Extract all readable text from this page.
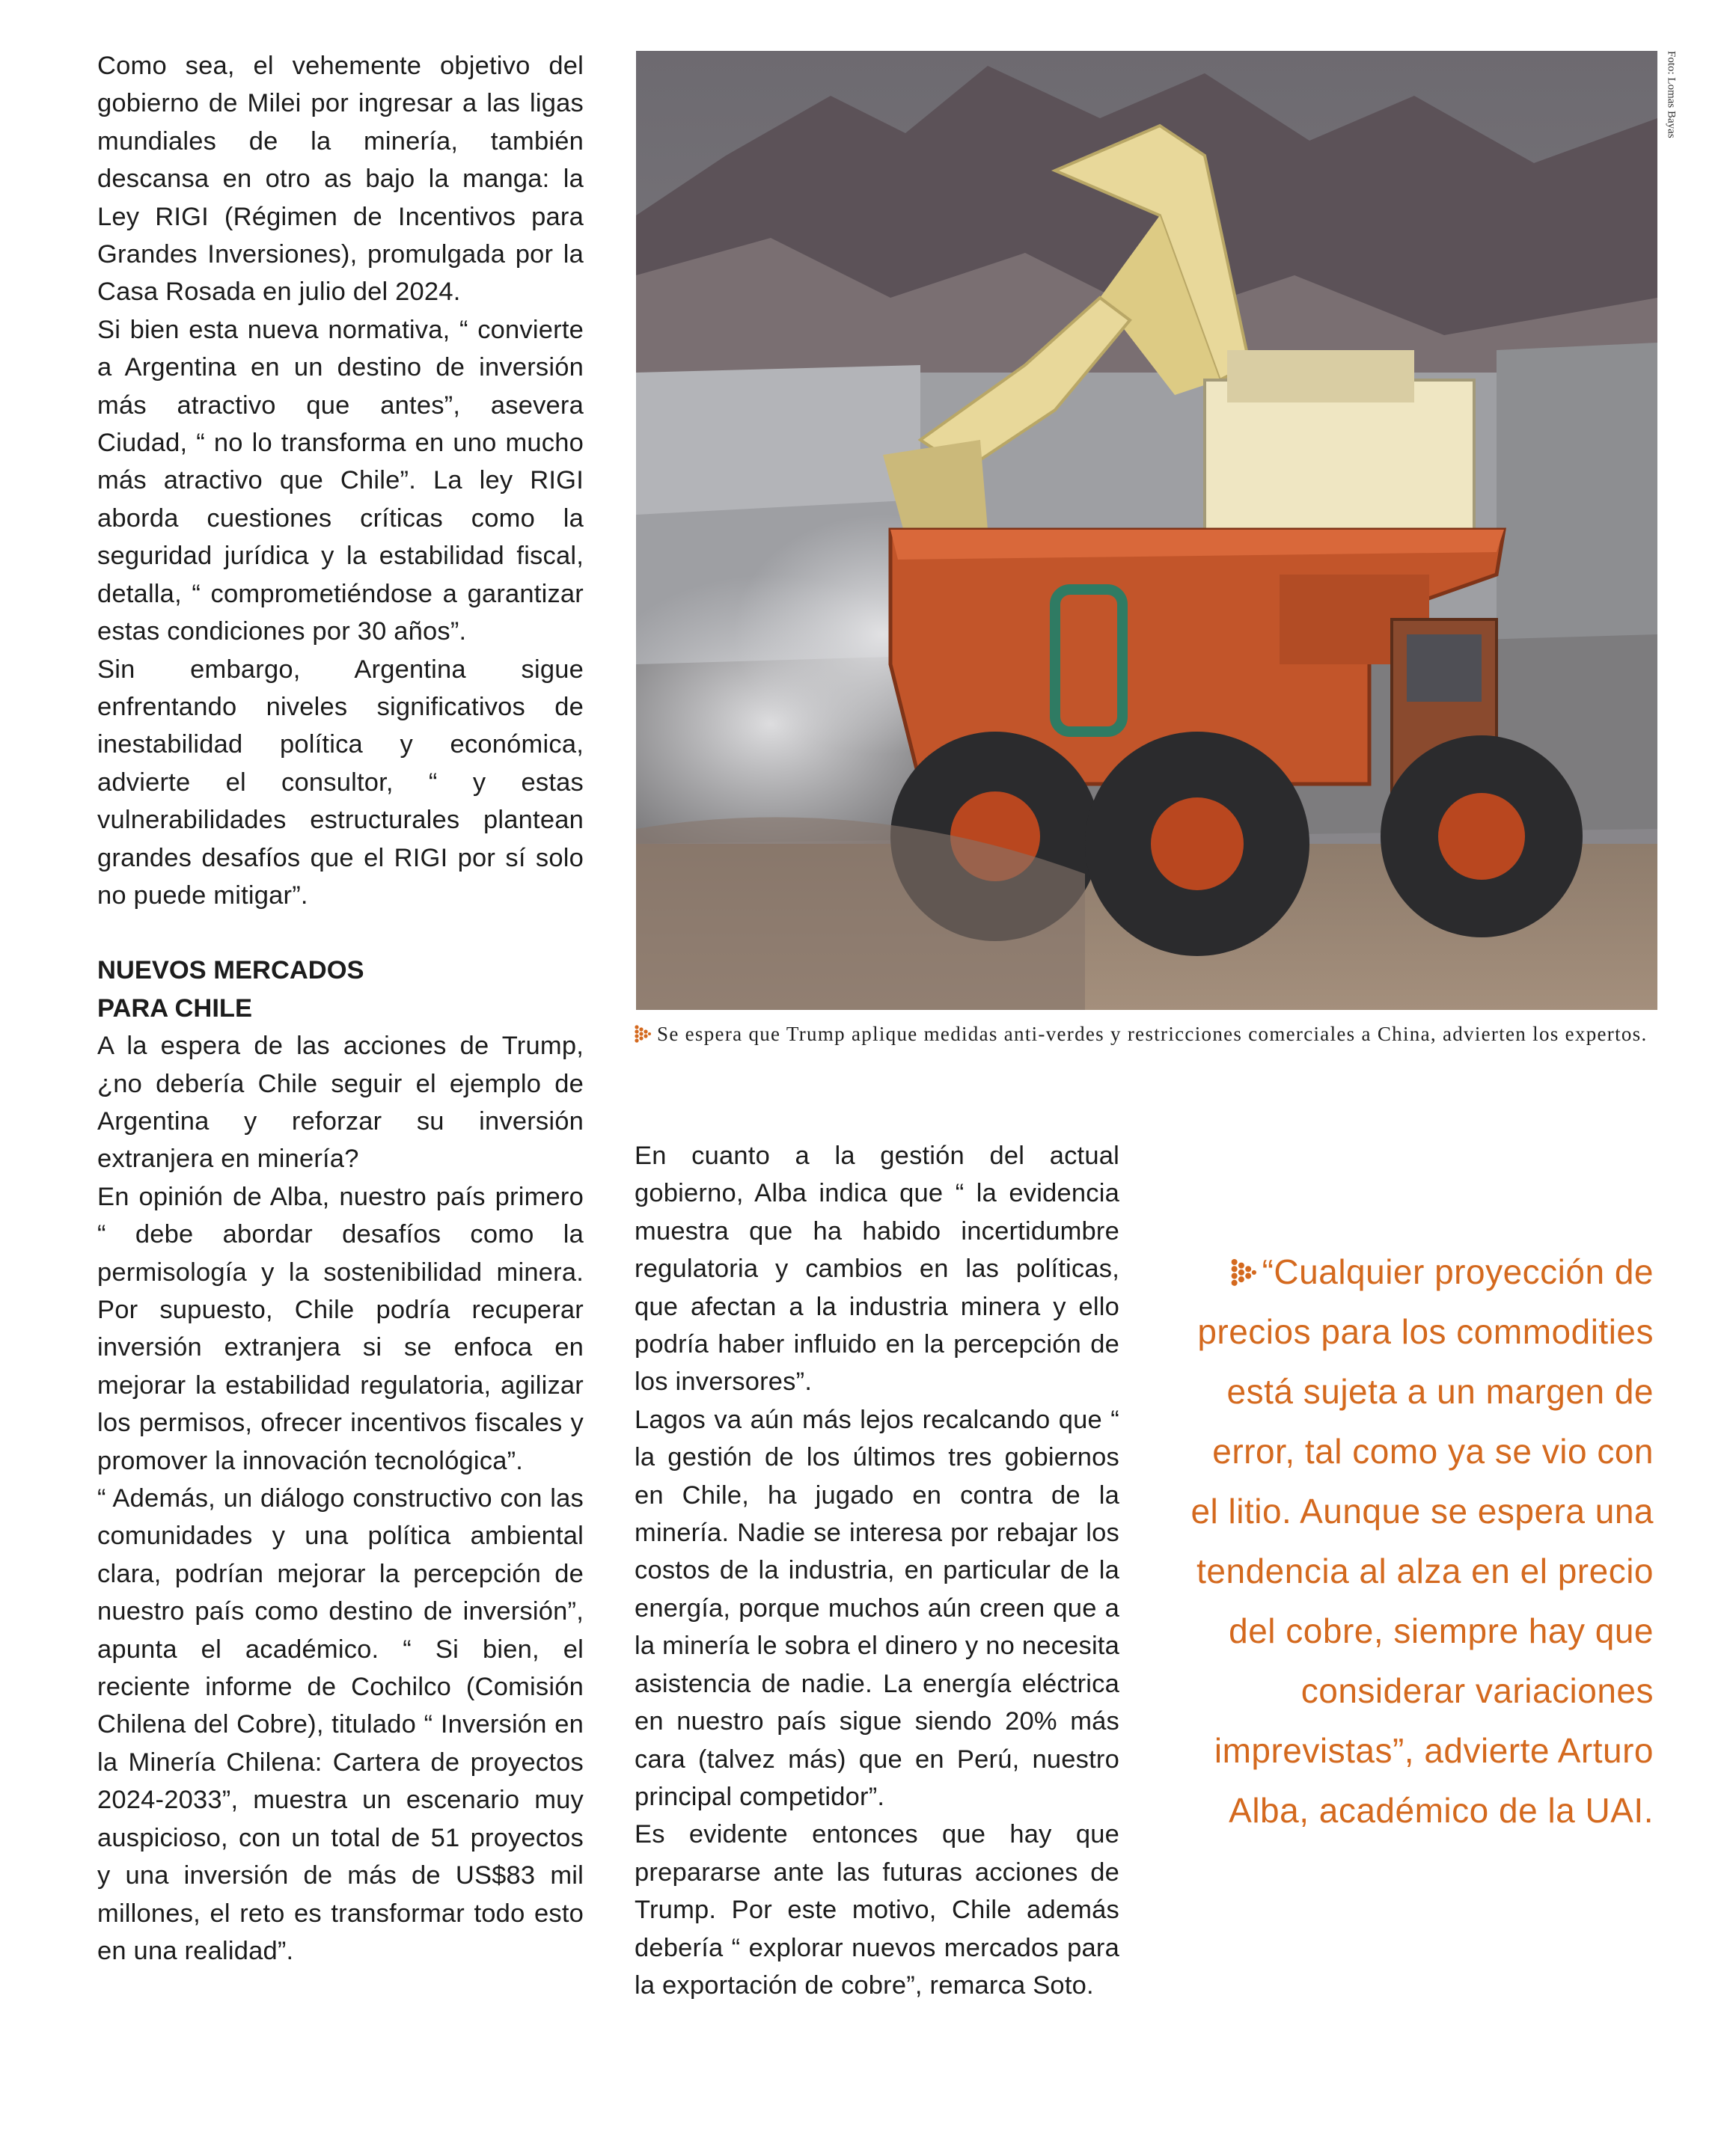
Como sea, el vehemente objetivo del gobierno de Milei por ingresar a las ligas mundiales de la minería, también descansa en otro as bajo la manga: la Ley RIGI (Régimen de Incentivos para Grandes Inversiones), promulgada por la Casa Rosada en julio del 2024.

Si bien esta nueva normativa, “ convierte a Argentina en un destino de inversión más atractivo que antes”, asevera Ciudad, “ no lo transforma en uno mucho más atractivo que Chile”. La ley RIGI aborda cuestiones críticas como la seguridad jurídica y la estabilidad fiscal, detalla, “ comprometiéndose a garantizar estas condiciones por 30 años”.

Sin embargo, Argentina sigue enfrentando niveles significativos de inestabilidad política y económica, advierte el consultor, “ y estas vulnerabilidades estructurales plantean grandes desafíos que el RIGI por sí solo no puede mitigar”.

NUEVOS MERCADOS

PARA CHILE

A la espera de las acciones de Trump, ¿no debería Chile seguir el ejemplo de Argentina y reforzar su inversión extranjera en minería?

En opinión de Alba, nuestro país primero “ debe abordar desafíos como la permisología y la sostenibilidad minera. Por supuesto, Chile podría recuperar inversión extranjera si se enfoca en mejorar la estabilidad regulatoria, agilizar los permisos, ofrecer incentivos fiscales y promover la innovación tecnológica”.

“ Además, un diálogo constructivo con las comunidades y una política ambiental clara, podrían mejorar la percepción de nuestro país como destino de inversión”, apunta el académico. “ Si bien, el reciente informe de Cochilco (Comisión Chilena del Cobre), titulado “ Inversión en la Minería Chilena: Cartera de proyectos 2024-2033”, muestra un escenario muy auspicioso, con un total de 51 proyectos y una inversión de más de US$83 mil millones, el reto es transformar todo esto en una realidad”.

Foto: Lomas Bayas

Se espera que Trump aplique medidas anti-verdes y restricciones comerciales a China, advierten los expertos.

En cuanto a la gestión del actual gobierno, Alba indica que “ la evidencia muestra que ha habido incertidumbre regulatoria y cambios en las políticas, que afectan a la industria minera y ello podría haber influido en la percepción de los inversores”.

Lagos va aún más lejos recalcando que “ la gestión de los últimos tres gobiernos en Chile, ha jugado en contra de la minería. Nadie se interesa por rebajar los costos de la industria, en particular de la energía, porque muchos aún creen que a la minería le sobra el dinero y no necesita asistencia de nadie. La energía eléctrica en nuestro país sigue siendo 20% más cara (talvez más) que en Perú, nuestro principal competidor”.

Es evidente entonces que hay que prepararse ante las futuras acciones de Trump. Por este motivo, Chile además debería “ explorar nuevos mercados para la exportación de cobre”, remarca Soto.

“Cualquier proyección de precios para los commodities está sujeta a un margen de error, tal como ya se vio con el litio. Aunque se espera una tendencia al alza en el precio del cobre, siempre hay que considerar variaciones imprevistas”, advierte Arturo Alba, académico de la UAI.
